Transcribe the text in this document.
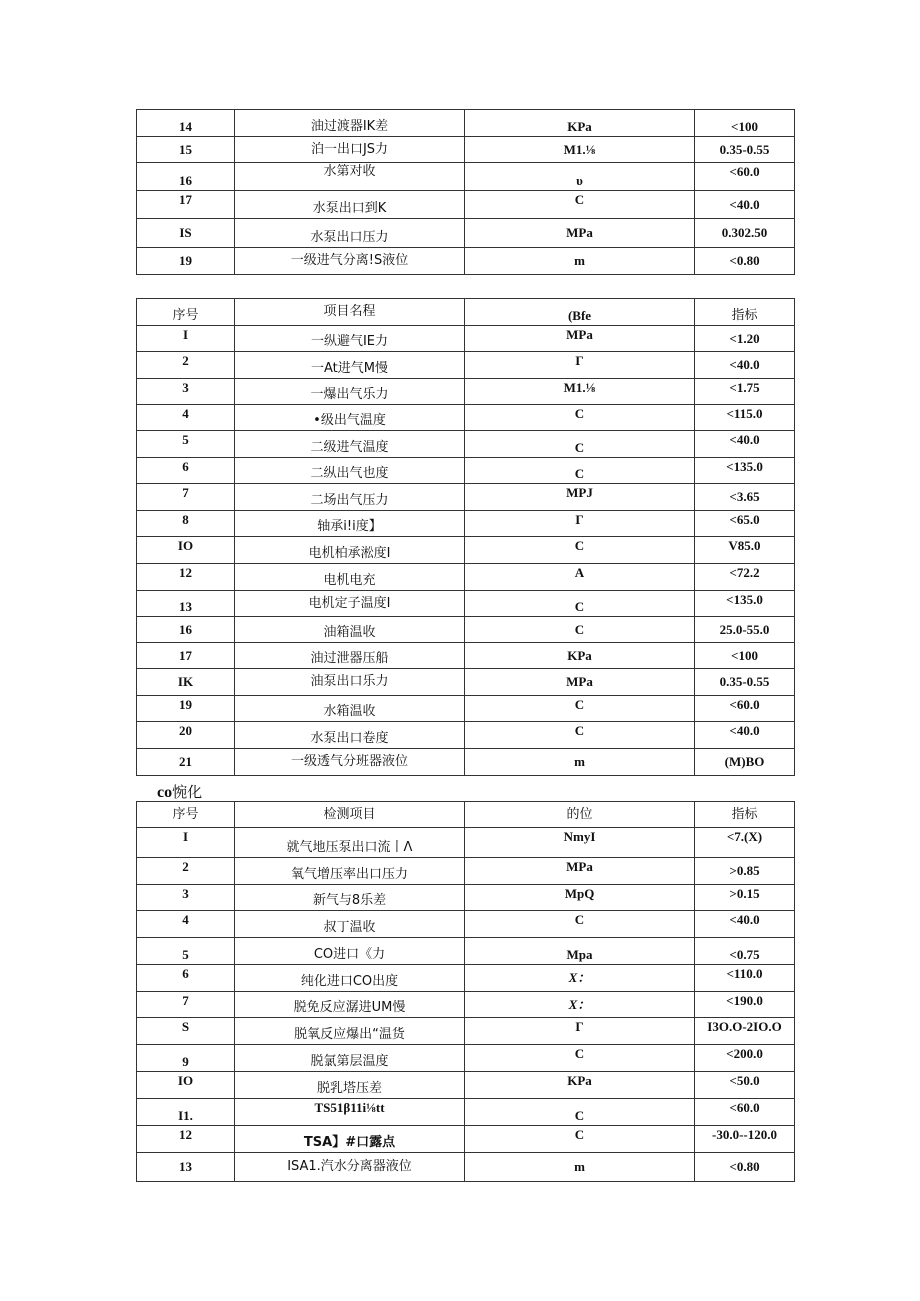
14	油过渡器IK差	KPa	<100
15	泊一出口JS力	M1.⅛	0.35-0.55
16	水第对收	υ	<60.0
17	水泵出口到K	C	<40.0
IS	水泵出口压力	MPa	0.302.50
19	一级进气分离!S液位	m	<0.80
序号	项目名程	(Bfe	指标
I	一纵避气IE力	MPa	<1.20
2	一At进气M慢	Γ	<40.0
3	一爆出气乐力	M1.⅛	<1.75
4	•级出气温度	C	<115.0
5	二级进气温度	C	<40.0
6	二纵出气也度	C	<135.0
7	二场出气压力	MPJ	<3.65
8	轴承i!i度】	Γ	<65.0
IO	电机柏承淞度I	C	V85.0
12	电机电充	A	<72.2
13	电机定子温度I	C	<135.0
16	油箱温收	C	25.0-55.0
17	油过泄器压船	KPa	<100
IK	油泵出口乐力	MPa	0.35-0.55
19	水箱温收	C	<60.0
20	水泵出口卷度	C	<40.0
21	一级透气分班器液位	m	(M)BO
co惋化
序号	检测项目	的位	指标
I	就气地压泵出口流丨Λ	NmyI	<7.(X)
2	氧气增压率出口压力	MPa	>0.85
3	新气与8乐差	MpQ	>0.15
4	叔丁温收	C	<40.0
5	CO进口《力	Mpa	<0.75
6	纯化进口CO出度	X：	<110.0
7	脱免反应潺进UM慢	X：	<190.0
S	脱氧反应爆出“温货	Γ	I3O.O-2IO.O
9	脱氯第层温度	C	<200.0
IO	脱乳塔压差	KPa	<50.0
I1.	TS51β11i⅛tt	C	<60.0
12	TSA】#口露点	C	-30.0--120.0
13	ISA1.汽水分离器液位	m	<0.80
